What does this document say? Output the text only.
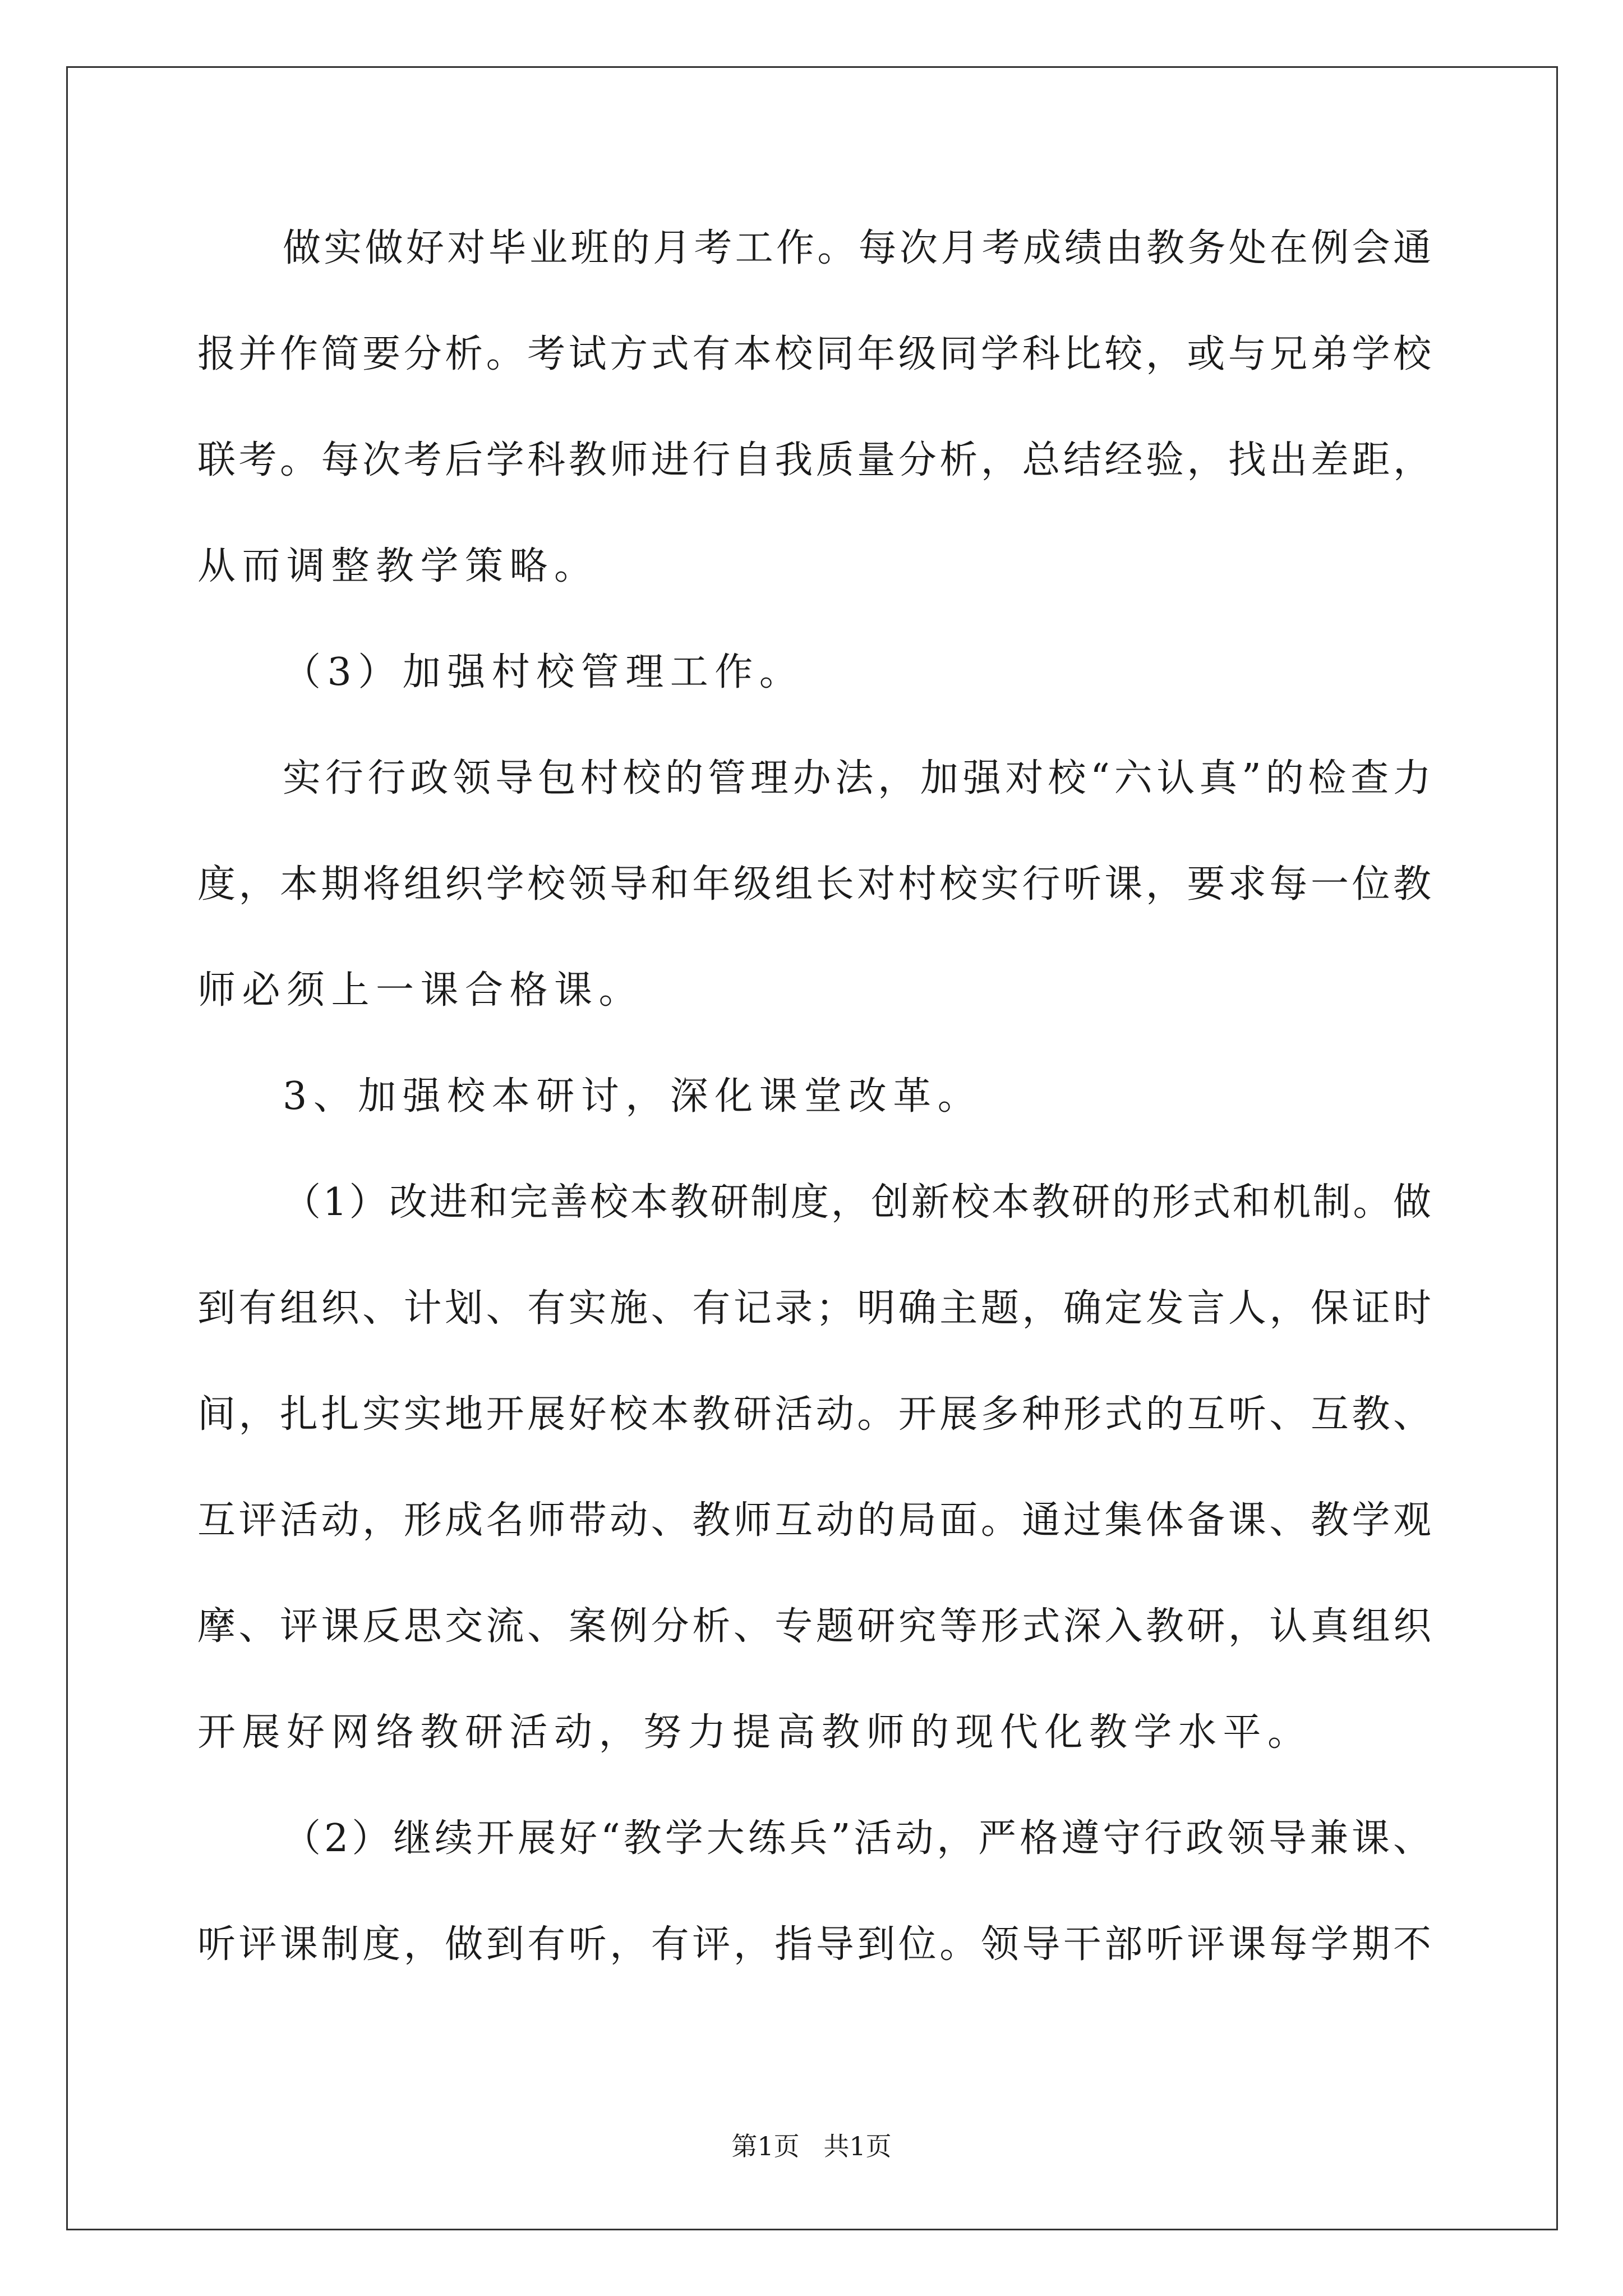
做实做好对毕业班的月考工作。每次月考成绩由教务处在例会通
报并作简要分析。考试方式有本校同年级同学科比较，或与兄弟学校
联考。每次考后学科教师进行自我质量分析，总结经验，找出差距，
从而调整教学策略。
（3）加强村校管理工作。
实行行政领导包村校的管理办法，加强对校“六认真”的检查力
度，本期将组织学校领导和年级组长对村校实行听课，要求每一位教
师必须上一课合格课。
3、加强校本研讨，深化课堂改革。
（1）改进和完善校本教研制度，创新校本教研的形式和机制。做
到有组织、计划、有实施、有记录；明确主题，确定发言人，保证时
间，扎扎实实地开展好校本教研活动。开展多种形式的互听、互教、
互评活动，形成名师带动、教师互动的局面。通过集体备课、教学观
摩、评课反思交流、案例分析、专题研究等形式深入教研，认真组织
开展好网络教研活动，努力提高教师的现代化教学水平。
（2）继续开展好“教学大练兵”活动，严格遵守行政领导兼课、
听评课制度，做到有听，有评，指导到位。领导干部听评课每学期不
第1页 共1页
